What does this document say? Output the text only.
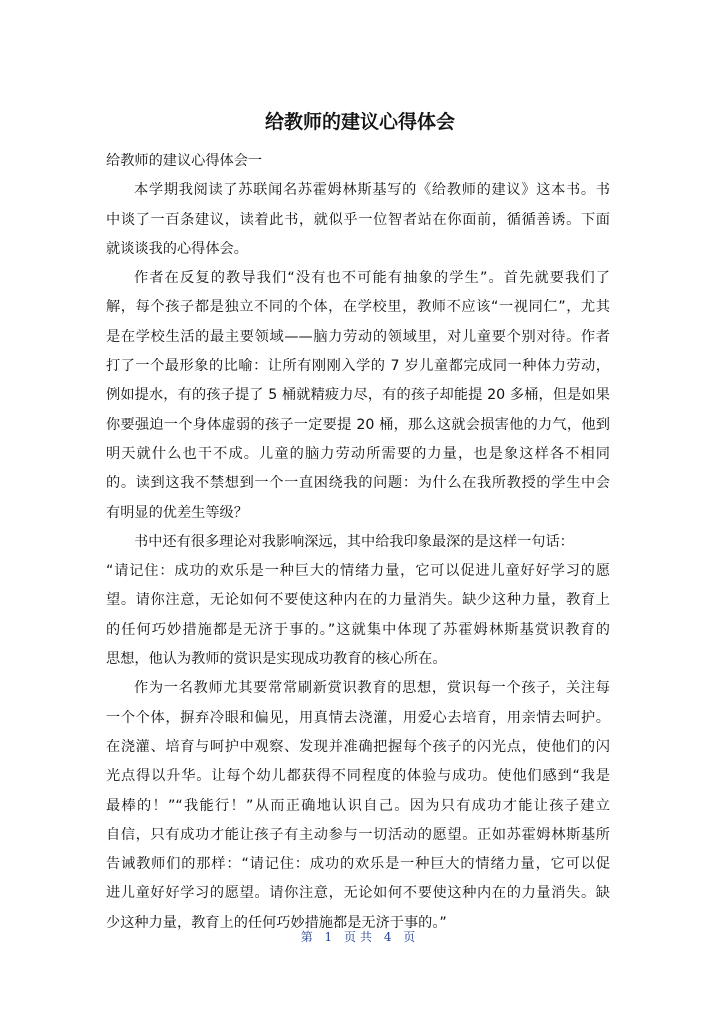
给教师的建议心得体会
给教师的建议心得体会一
本学期我阅读了苏联闻名苏霍姆林斯基写的《给教师的建议》这本书。书
中谈了一百条建议，读着此书，就似乎一位智者站在你面前，循循善诱。下面
就谈谈我的心得体会。
作者在反复的教导我们“没有也不可能有抽象的学生”。首先就要我们了
解，每个孩子都是独立不同的个体，在学校里，教师不应该“一视同仁”，尤其
是在学校生活的最主要领域——脑力劳动的领域里，对儿童要个别对待。作者
打了一个最形象的比喻：让所有刚刚入学的 7 岁儿童都完成同一种体力劳动，
例如提水，有的孩子提了 5 桶就精疲力尽，有的孩子却能提 20 多桶，但是如果
你要强迫一个身体虚弱的孩子一定要提 20 桶，那么这就会损害他的力气，他到
明天就什么也干不成。儿童的脑力劳动所需要的力量，也是象这样各不相同
的。读到这我不禁想到一个一直困绕我的问题：为什么在我所教授的学生中会
有明显的优差生等级？
书中还有很多理论对我影响深远，其中给我印象最深的是这样一句话：
“请记住：成功的欢乐是一种巨大的情绪力量，它可以促进儿童好好学习的愿
望。请你注意，无论如何不要使这种内在的力量消失。缺少这种力量，教育上
的任何巧妙措施都是无济于事的。”这就集中体现了苏霍姆林斯基赏识教育的
思想，他认为教师的赏识是实现成功教育的核心所在。
作为一名教师尤其要常常刷新赏识教育的思想，赏识每一个孩子，关注每
一个个体，摒弃冷眼和偏见，用真情去浇灌，用爱心去培育，用亲情去呵护。
在浇灌、培育与呵护中观察、发现并准确把握每个孩子的闪光点，使他们的闪
光点得以升华。让每个幼儿都获得不同程度的体验与成功。使他们感到“我是
最棒的！”“我能行！”从而正确地认识自己。因为只有成功才能让孩子建立
自信，只有成功才能让孩子有主动参与一切活动的愿望。正如苏霍姆林斯基所
告诫教师们的那样：“请记住：成功的欢乐是一种巨大的情绪力量，它可以促
进儿童好好学习的愿望。请你注意，无论如何不要使这种内在的力量消失。缺
少这种力量，教育上的任何巧妙措施都是无济于事的。”
第 1 页共 4 页
